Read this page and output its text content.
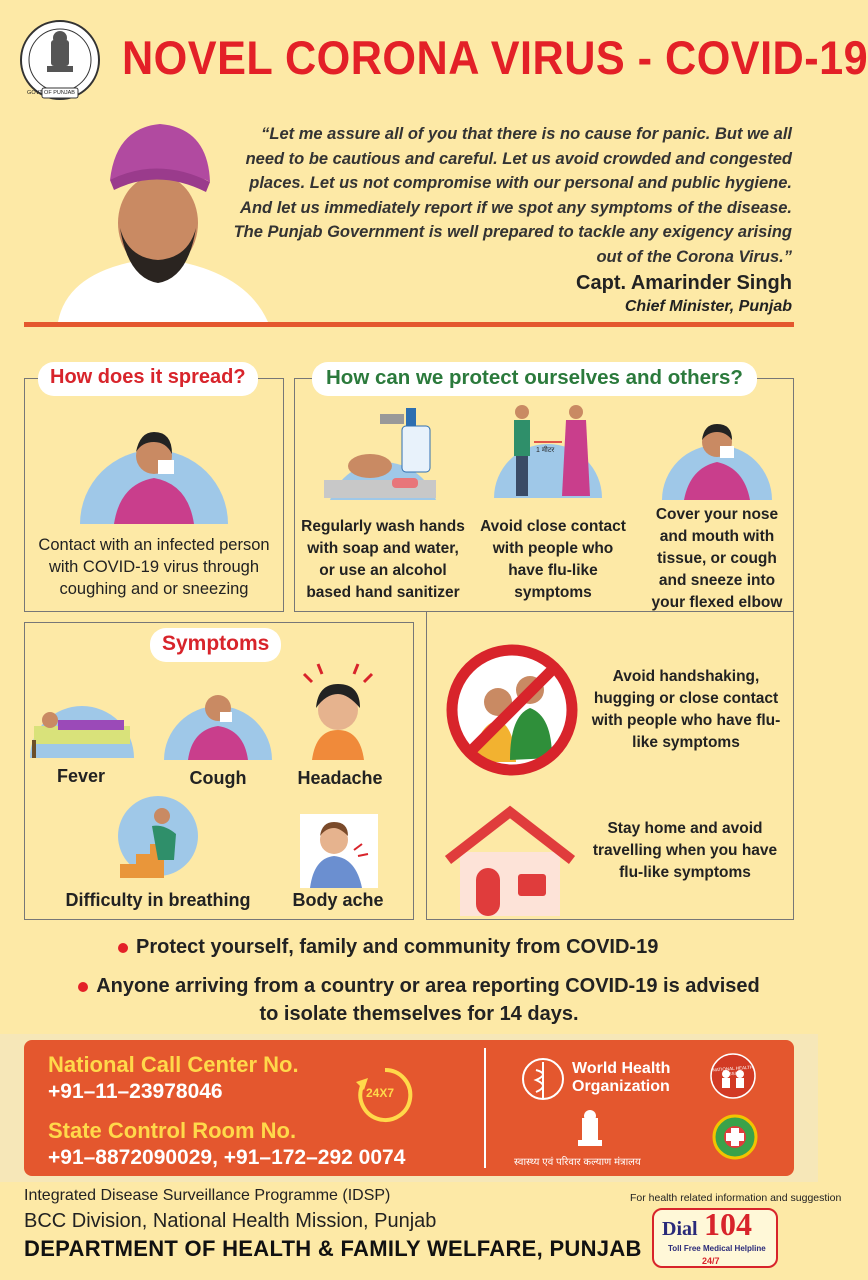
GOVT OF PUNJAB
NOVEL CORONA VIRUS - COVID-19
“Let me assure all of you that there is no cause for panic. But we all need to be cautious and careful. Let us avoid crowded and congested places. Let us not compromise with our personal and public hygiene. And let us immediately report if we spot any symptoms of the disease. The Punjab Government is well prepared to tackle any exigency arising out of the Corona Virus.”
Capt. Amarinder Singh
Chief Minister, Punjab
How does it spread?
Contact with an infected person with COVID-19 virus through coughing and or sneezing
How can we protect ourselves and others?
1 मीटर
Regularly wash hands with soap and water, or use an alcohol based hand sanitizer
Avoid close contact with people who have flu-like symptoms
Cover your nose and mouth with tissue, or cough and sneeze into your flexed elbow
Avoid handshaking, hugging or close contact with people who have flu-like symptoms
Stay home and avoid travelling when you have flu-like symptoms
Symptoms
Fever	Cough	Headache
Difficulty in breathing	Body ache
Protect yourself, family and community from COVID-19
Anyone arriving from a country or area reporting COVID-19 is advised to isolate themselves for 14 days.
National Call Center No.
+91–11–23978046
State Control Room No.
+91–8872090029, +91–172–292 0074
24X7
World Health
Organization
NATIONAL HEALTH MISSION
स्वास्थ्य एवं परिवार कल्याण मंत्रालय
Integrated Disease Surveillance Programme (IDSP)
BCC Division, National Health Mission, Punjab
DEPARTMENT OF HEALTH & FAMILY WELFARE, PUNJAB
For health related information and suggestion
Dial 104
Toll Free Medical Helpline
24/7
